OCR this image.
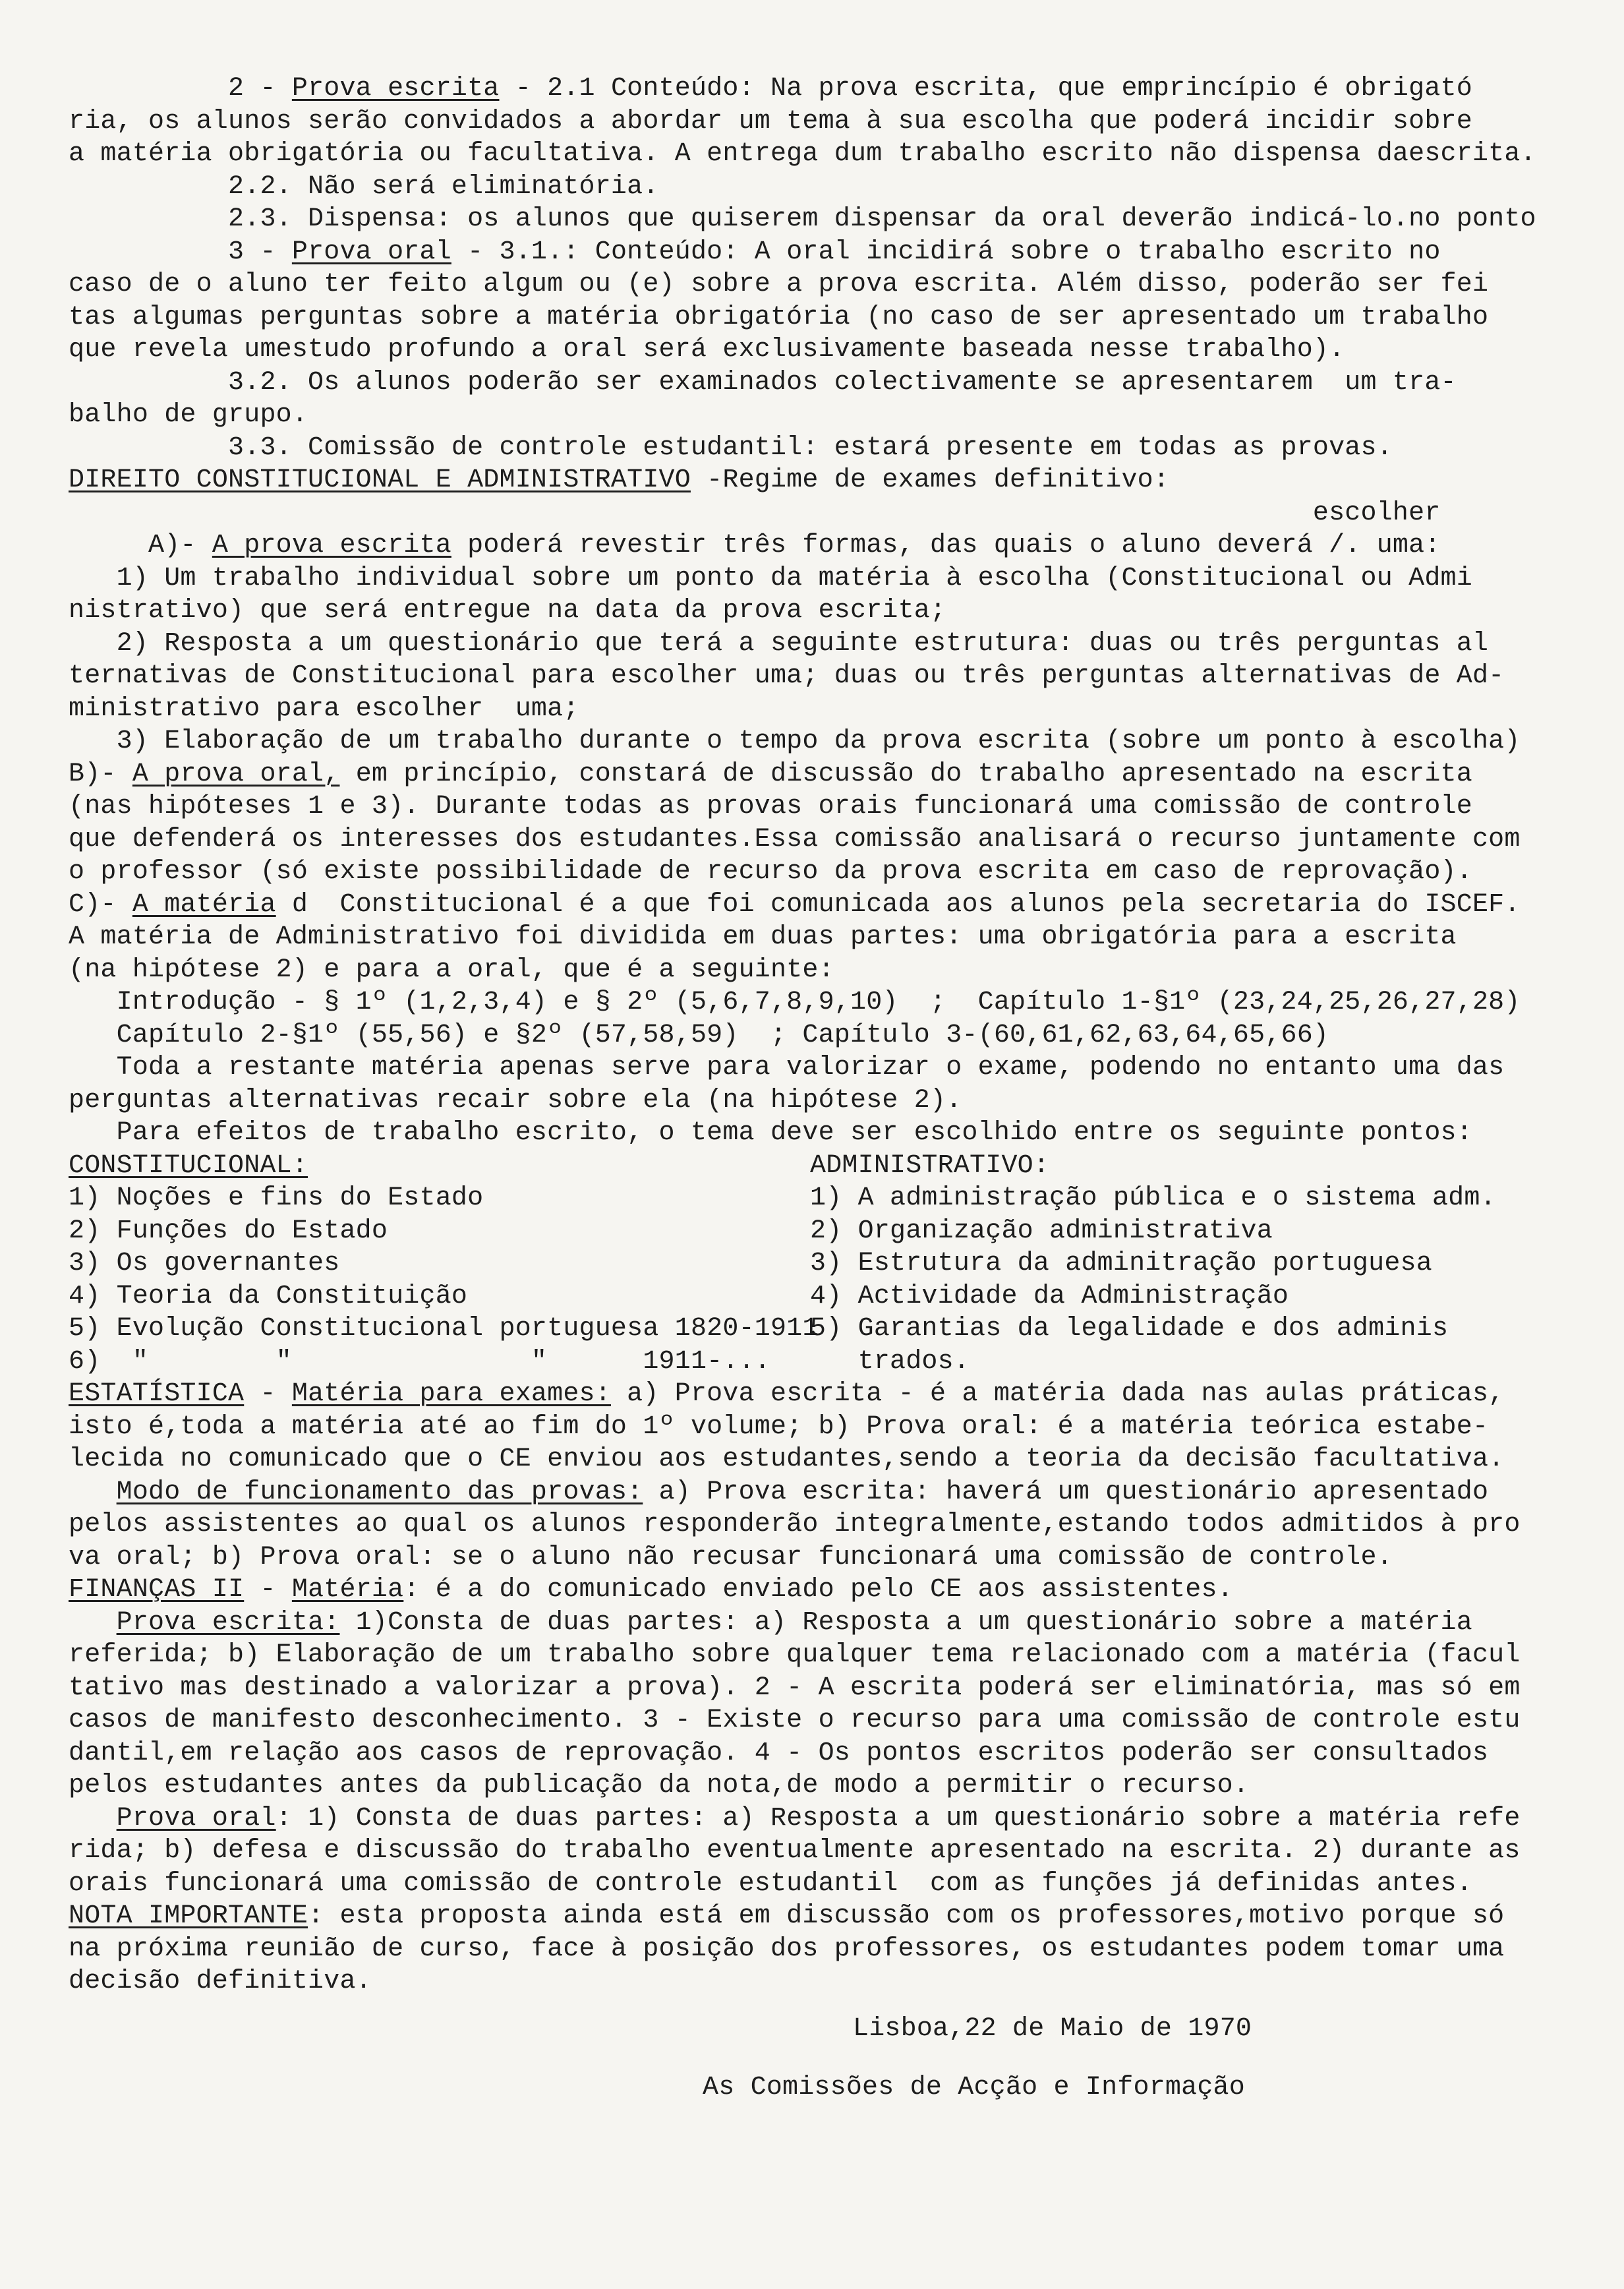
2 - Prova escrita - 2.1 Conteúdo: Na prova escrita, que emprincípio é obrigató
ria, os alunos serão convidados a abordar um tema à sua escolha que poderá incidir sobre
a matéria obrigatória ou facultativa. A entrega dum trabalho escrito não dispensa daescrita.
2.2. Não será eliminatória.
2.3. Dispensa: os alunos que quiserem dispensar da oral deverão indicá-lo.no ponto
3 - Prova oral - 3.1.: Conteúdo: A oral incidirá sobre o trabalho escrito no
caso de o aluno ter feito algum ou (e) sobre a prova escrita. Além disso, poderão ser fei
tas algumas perguntas sobre a matéria obrigatória (no caso de ser apresentado um trabalho
que revela umestudo profundo a oral será exclusivamente baseada nesse trabalho).
3.2. Os alunos poderão ser examinados colectivamente se apresentarem  um tra-
balho de grupo.
3.3. Comissão de controle estudantil: estará presente em todas as provas.
DIREITO CONSTITUCIONAL E ADMINISTRATIVO -Regime de exames definitivo:
escolher
A)- A prova escrita poderá revestir três formas, das quais o aluno deverá /. uma:
1) Um trabalho individual sobre um ponto da matéria à escolha (Constitucional ou Admi
nistrativo) que será entregue na data da prova escrita;
2) Resposta a um questionário que terá a seguinte estrutura: duas ou três perguntas al
ternativas de Constitucional para escolher uma; duas ou três perguntas alternativas de Ad-
ministrativo para escolher  uma;
3) Elaboração de um trabalho durante o tempo da prova escrita (sobre um ponto à escolha)
B)- A prova oral, em princípio, constará de discussão do trabalho apresentado na escrita
(nas hipóteses 1 e 3). Durante todas as provas orais funcionará uma comissão de controle
que defenderá os interesses dos estudantes.Essa comissão analisará o recurso juntamente com
o professor (só existe possibilidade de recurso da prova escrita em caso de reprovação).
C)- A matéria d  Constitucional é a que foi comunicada aos alunos pela secretaria do ISCEF.
A matéria de Administrativo foi dividida em duas partes: uma obrigatória para a escrita
(na hipótese 2) e para a oral, que é a seguinte:
Introdução - § 1º (1,2,3,4) e § 2º (5,6,7,8,9,10)  ;  Capítulo 1-§1º (23,24,25,26,27,28)
Capítulo 2-§1º (55,56) e §2º (57,58,59)  ; Capítulo 3-(60,61,62,63,64,65,66)
Toda a restante matéria apenas serve para valorizar o exame, podendo no entanto uma das
perguntas alternativas recair sobre ela (na hipótese 2).
Para efeitos de trabalho escrito, o tema deve ser escolhido entre os seguinte pontos:
CONSTITUCIONAL:
1) Noções e fins do Estado
2) Funções do Estado
3) Os governantes
4) Teoria da Constituição
5) Evolução Constitucional portuguesa 1820-1911
6)  "        "               "      1911-...
ADMINISTRATIVO:
1) A administração pública e o sistema adm.
2) Organização administrativa
3) Estrutura da adminitração portuguesa
4) Actividade da Administração
5) Garantias da legalidade e dos adminis
trados.
ESTATÍSTICA - Matéria para exames: a) Prova escrita - é a matéria dada nas aulas práticas,
isto é,toda a matéria até ao fim do 1º volume; b) Prova oral: é a matéria teórica estabe-
lecida no comunicado que o CE enviou aos estudantes,sendo a teoria da decisão facultativa.
Modo de funcionamento das provas: a) Prova escrita: haverá um questionário apresentado
pelos assistentes ao qual os alunos responderão integralmente,estando todos admitidos à pro
va oral; b) Prova oral: se o aluno não recusar funcionará uma comissão de controle.
FINANÇAS II - Matéria: é a do comunicado enviado pelo CE aos assistentes.
Prova escrita: 1)Consta de duas partes: a) Resposta a um questionário sobre a matéria
referida; b) Elaboração de um trabalho sobre qualquer tema relacionado com a matéria (facul
tativo mas destinado a valorizar a prova). 2 - A escrita poderá ser eliminatória, mas só em
casos de manifesto desconhecimento. 3 - Existe o recurso para uma comissão de controle estu
dantil,em relação aos casos de reprovação. 4 - Os pontos escritos poderão ser consultados
pelos estudantes antes da publicação da nota,de modo a permitir o recurso.
Prova oral: 1) Consta de duas partes: a) Resposta a um questionário sobre a matéria refe
rida; b) defesa e discussão do trabalho eventualmente apresentado na escrita. 2) durante as
orais funcionará uma comissão de controle estudantil  com as funções já definidas antes.
NOTA IMPORTANTE: esta proposta ainda está em discussão com os professores,motivo porque só
na próxima reunião de curso, face à posição dos professores, os estudantes podem tomar uma
decisão definitiva.
Lisboa,22 de Maio de 1970
As Comissões de Acção e Informação
